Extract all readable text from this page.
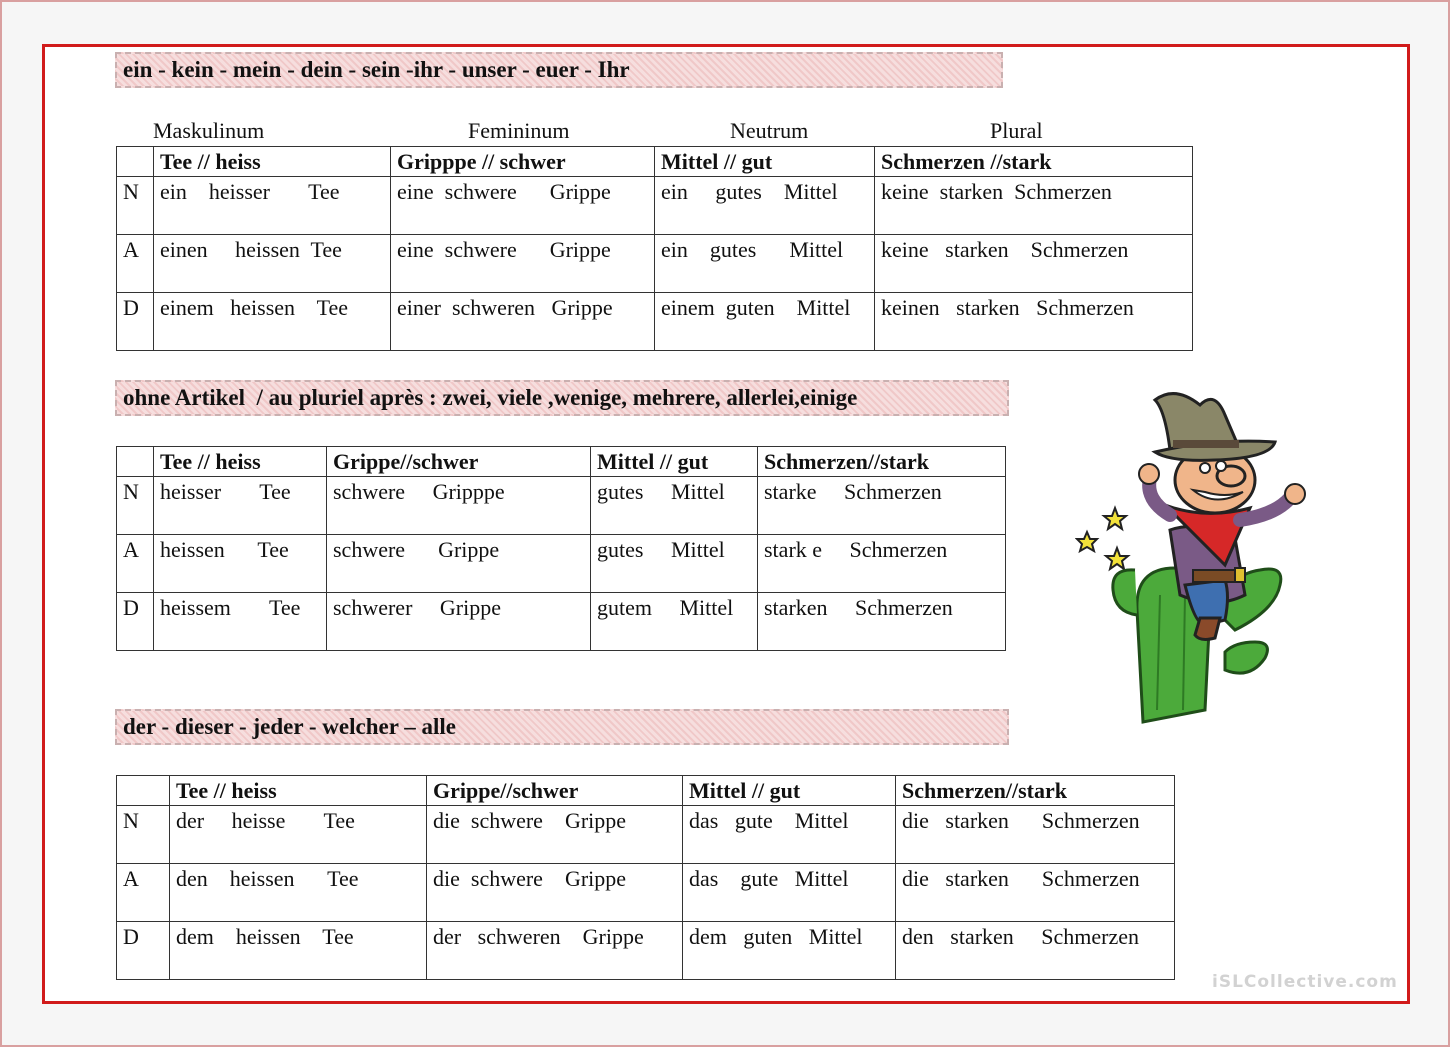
ein - kein - mein - dein - sein -ihr - unser - euer - Ihr
Maskulinum	Femininum	Neutrum	Plural
	Tee // heiss	Gripppe // schwer	Mittel // gut	Schmerzen //stark
N	ein    heisser       Tee	eine  schwere      Grippe	ein     gutes    Mittel	keine  starken  Schmerzen
A	einen     heissen  Tee	eine  schwere      Grippe	ein    gutes      Mittel	keine   starken    Schmerzen
D	einem   heissen    Tee	einer  schweren   Grippe	einem  guten    Mittel	keinen   starken   Schmerzen
ohne Artikel  / au pluriel après : zwei, viele ,wenige, mehrere, allerlei,einige
	Tee // heiss	Grippe//schwer	Mittel // gut	Schmerzen//stark
N	heisser       Tee	schwere     Gripppe	gutes     Mittel	starke     Schmerzen
A	heissen      Tee	schwere      Grippe	gutes     Mittel	stark e     Schmerzen
D	heissem       Tee	schwerer     Grippe	gutem     Mittel	starken     Schmerzen
der - dieser - jeder - welcher – alle
	Tee // heiss	Grippe//schwer	Mittel // gut	Schmerzen//stark
N	der     heisse       Tee	die  schwere    Grippe	das   gute    Mittel	die   starken      Schmerzen
A	den    heissen      Tee	die  schwere    Grippe	das    gute   Mittel	die   starken      Schmerzen
D	dem    heissen    Tee	der   schweren    Grippe	dem   guten   Mittel	den   starken     Schmerzen
iSLCollective.com
